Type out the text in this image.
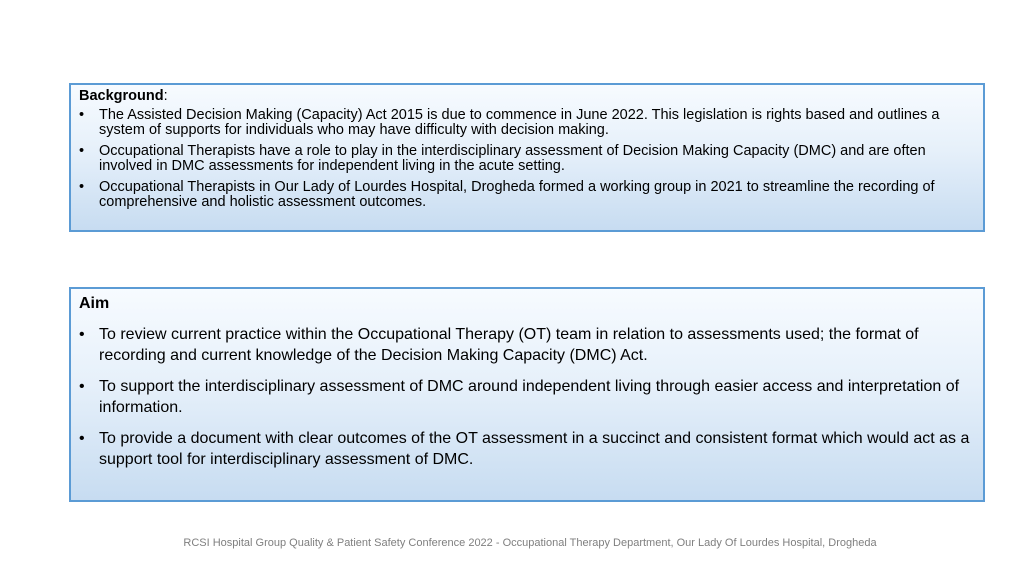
Background:
• The Assisted Decision Making (Capacity) Act 2015 is due to commence in June 2022. This legislation is rights based and outlines a system of supports for individuals who may have difficulty with decision making.
• Occupational Therapists have a role to play in the interdisciplinary assessment of Decision Making Capacity (DMC) and are often involved in DMC assessments for independent living in the acute setting.
• Occupational Therapists in Our Lady of Lourdes Hospital, Drogheda formed a working group in 2021 to streamline the recording of comprehensive and holistic assessment outcomes.
Aim
• To review current practice within the Occupational Therapy (OT) team in relation to assessments used; the format of recording and current knowledge of the Decision Making Capacity (DMC) Act.
• To support the interdisciplinary assessment of DMC around independent living through easier access and interpretation of information.
• To provide a document with clear outcomes of the OT assessment in a succinct and consistent format which would act as a support tool for interdisciplinary assessment of DMC.
RCSI Hospital Group Quality & Patient Safety Conference 2022 - Occupational Therapy Department, Our Lady Of Lourdes Hospital, Drogheda
